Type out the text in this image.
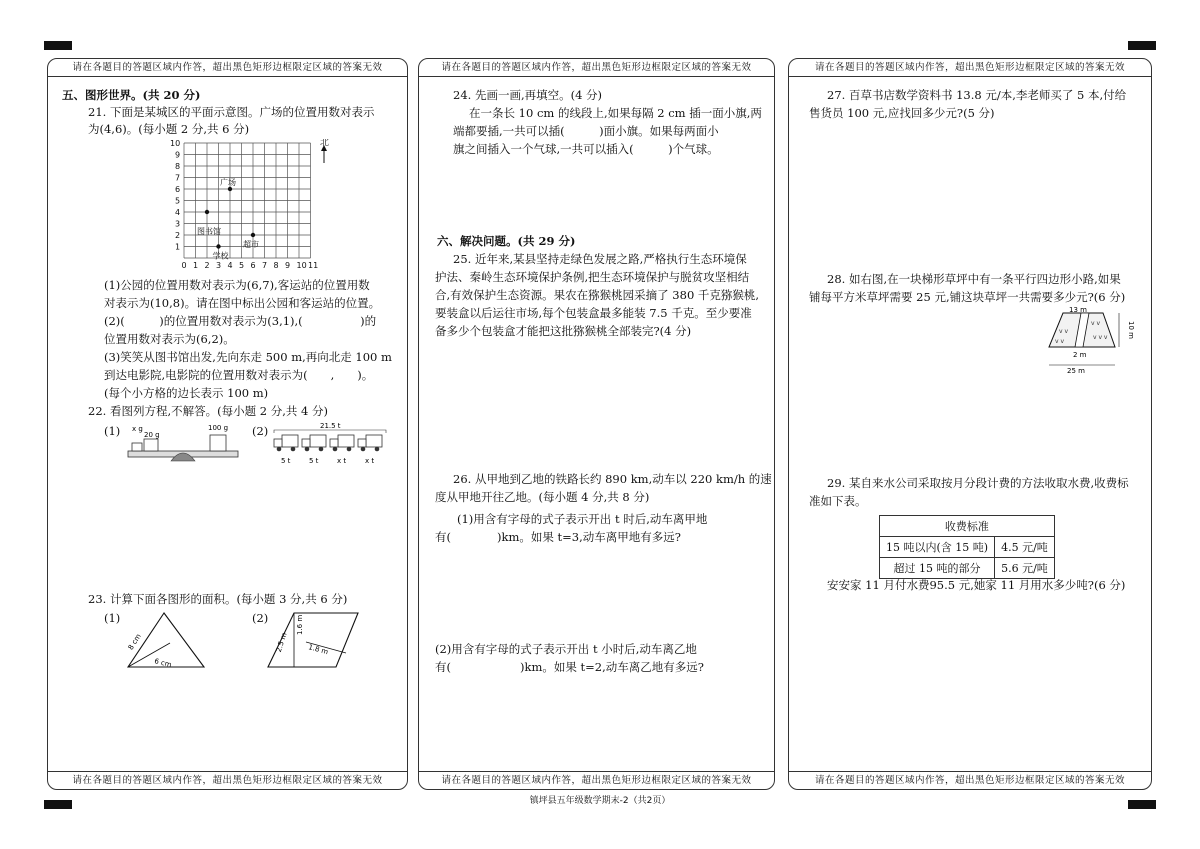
请在各题目的答题区域内作答，超出黑色矩形边框限定区域的答案无效
请在各题目的答题区域内作答，超出黑色矩形边框限定区域的答案无效
五、图形世界。(共 20 分)
21. 下面是某城区的平面示意图。广场的位置用数对表示
为(4,6)。(每小题 2 分,共 6 分)
0 1 2 3 4 5 6 7 8 9 10 11
1
2
3
4
5
6
7
8
9
10
广场
图书馆
超市
学校
北
(1)公园的位置用数对表示为(6,7),客运站的位置用数
对表示为(10,8)。请在图中标出公园和客运站的位置。
(2)(　　　)的位置用数对表示为(3,1),(　　　　　)的
位置用数对表示为(6,2)。
(3)笑笑从图书馆出发,先向东走 500 m,再向北走 100 m
到达电影院,电影院的位置用数对表示为(　　,　　)。
(每个小方格的边长表示 100 m)
22. 看图列方程,不解答。(每小题 2 分,共 4 分)
(1)	(2)
x g
20 g
100 g	21.5 t
5 t	5 t	x t	x t
23. 计算下面各图形的面积。(每小题 3 分,共 6 分)
(1)	(2)
8 cm
6 cm
2.5 m
1.6 m
1.8 m
请在各题目的答题区域内作答，超出黑色矩形边框限定区域的答案无效
请在各题目的答题区域内作答，超出黑色矩形边框限定区域的答案无效
24. 先画一画,再填空。(4 分)
在一条长 10 cm 的线段上,如果每隔 2 cm 插一面小旗,两
端都要插,一共可以插(　　　)面小旗。如果每两面小
旗之间插入一个气球,一共可以插入(　　　)个气球。
六、解决问题。(共 29 分)
25. 近年来,某县坚持走绿色发展之路,严格执行生态环境保
护法、秦岭生态环境保护条例,把生态环境保护与脱贫攻坚相结
合,有效保护生态资源。果农在猕猴桃园采摘了 380 千克猕猴桃,
要装盒以后运往市场,每个包装盒最多能装 7.5 千克。至少要准
备多少个包装盒才能把这批猕猴桃全部装完?(4 分)
26. 从甲地到乙地的铁路长约 890 km,动车以 220 km/h 的速
度从甲地开往乙地。(每小题 4 分,共 8 分)
(1)用含有字母的式子表示开出 t 时后,动车离甲地
有(　　　　)km。如果 t=3,动车离甲地有多远?
(2)用含有字母的式子表示开出 t 小时后,动车离乙地
有(　　　　　　)km。如果 t=2,动车离乙地有多远?
请在各题目的答题区域内作答，超出黑色矩形边框限定区域的答案无效
请在各题目的答题区域内作答，超出黑色矩形边框限定区域的答案无效
27. 百草书店数学资料书 13.8 元/本,李老师买了 5 本,付给
售货员 100 元,应找回多少元?(5 分)
28. 如右图,在一块梯形草坪中有一条平行四边形小路,如果
铺每平方米草坪需要 25 元,铺这块草坪一共需要多少元?(6 分)
v v
v v
v v v
v v
13 m
10 m
2 m
25 m
29. 某自来水公司采取按月分段计费的方法收取水费,收费标
准如下表。
收费标准	
15 吨以内(含 15 吨)	4.5 元/吨
超过 15 吨的部分	5.6 元/吨
安安家 11 月付水费95.5 元,她家 11 月用水多少吨?(6 分)
镇坪县五年级数学期末-2（共2页）
